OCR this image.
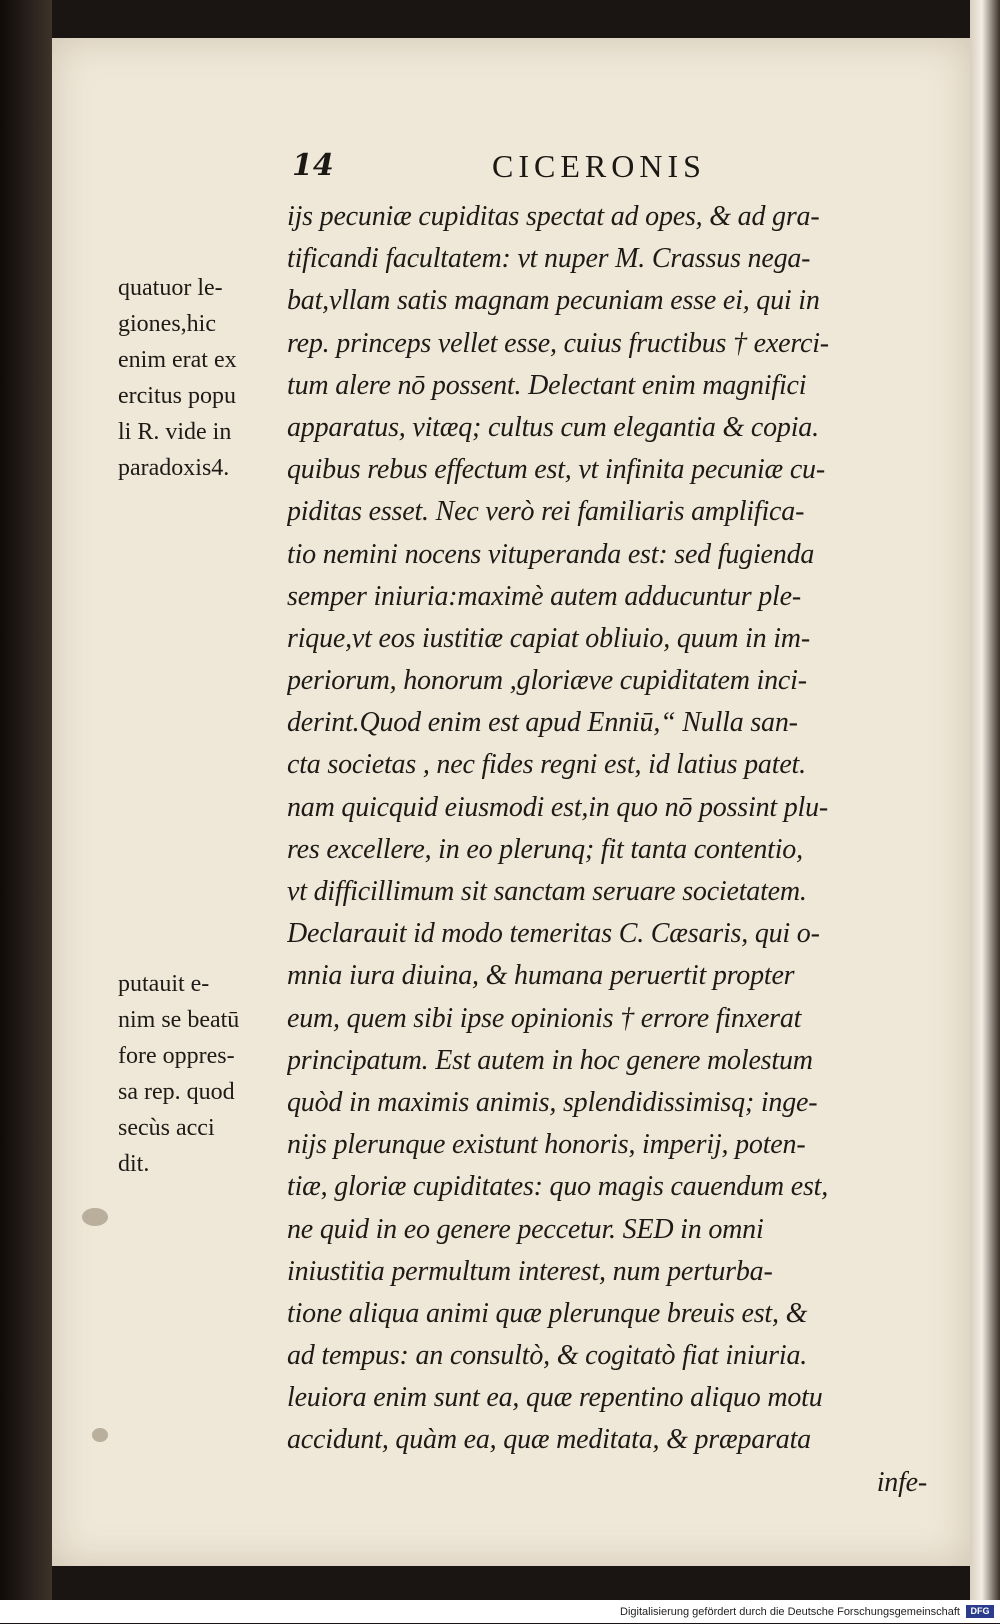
14	CICERONIS
quatuor le-
giones,hic
enim erat ex
ercitus popu
li R. vide in
paradoxis4.
putauit e-
nim se beatū
fore oppres-
sa rep. quod
secùs acci
dit.
ijs pecuniæ cupiditas spectat ad opes, & ad gra-
tificandi facultatem: vt nuper M. Crassus nega-
bat,vllam satis magnam pecuniam esse ei, qui in
rep. princeps vellet esse, cuius fructibus † exerci-
tum alere nō possent. Delectant enim magnifici
apparatus, vitæq; cultus cum elegantia & copia.
quibus rebus effectum est, vt infinita pecuniæ cu-
piditas esset. Nec verò rei familiaris amplifica-
tio nemini nocens vituperanda est: sed fugienda
semper iniuria:maximè autem adducuntur ple-
rique,vt eos iustitiæ capiat obliuio, quum in im-
periorum, honorum ,gloriæve cupiditatem inci-
derint.Quod enim est apud Enniū,“ Nulla san-
cta societas , nec fides regni est, id latius patet.
nam quicquid eiusmodi est,in quo nō possint plu-
res excellere, in eo plerunq; fit tanta contentio,
vt difficillimum sit sanctam seruare societatem.
Declarauit id modo temeritas C. Cæsaris, qui o-
mnia iura diuina, & humana peruertit propter
eum, quem sibi ipse opinionis † errore finxerat
principatum. Est autem in hoc genere molestum
quòd in maximis animis, splendidissimisq; inge-
nijs plerunque existunt honoris, imperij, poten-
tiæ, gloriæ cupiditates: quo magis cauendum est,
ne quid in eo genere peccetur. SED in omni
iniustitia permultum interest, num perturba-
tione aliqua animi quæ plerunque breuis est, &
ad tempus: an consultò, & cogitatò fiat iniuria.
leuiora enim sunt ea, quæ repentino aliquo motu
accidunt, quàm ea, quæ meditata, & præparata
infe-
Digitalisierung gefördert durch die Deutsche Forschungsgemeinschaft	DFG
